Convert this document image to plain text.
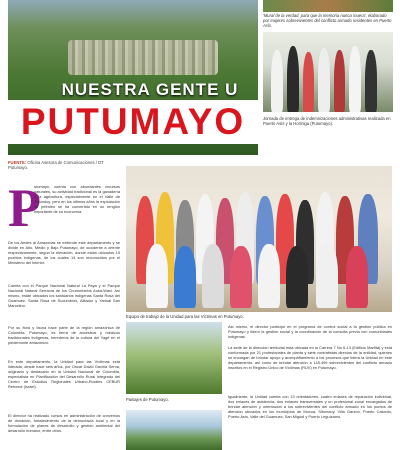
'Mural de la verdad, para que la memoria nunca muera', elaborado por mujeres sobrevivientes del conflicto armado residentes en Puerto Asís.
Jornada de entrega de indemnizaciones administrativas realizada en Puerto Asís y la Hormiga (Putumayo).
NUESTRA GENTE U
PUTUMAYO
FUENTE: Oficina Asesora de Comunicaciones / DT Putumayo.
P
utumayo, cuenta con abundantes recursos naturales, su actividad tradicional es la ganadería y la agricultura, especialmente en el Valle de Sibundoy, pero en los últimos años la explotación de petróleo se ha convertido en un renglón importante de su economía.
De los Andes al Amazonas se extiende este departamento y se divide en Alto, Medio y Bajo Putumayo, de occidente a oriente respectivamente, según la elevación, donde están ubicados 15 pueblos indígenas, de los cuales 14 son reconocidos por el Ministerio del Interior.
Cuenta con el Parque Nacional Natural La Paya y el Parque Nacional Natural Serranía de los Churumbelos Auka-Wasi. Así mismo, están ubicados los santuarios indígenas Santa Rosa del Guamuez, Santa Rosa de Sucumbíos, Alltador y Yarinal San Marcelino.
Por su flora y fauna hace parte de la región amazónica de Colombia. Putumayo, es tierra de ancestros y médicos tradicionales indígenas, herederos de la cultura del Yagé en el piedemonte amazónico.
En este departamento, la Unidad para las Víctimas está liderada, desde hace seis años, por Oscar David Gaviria Serna, originario y destacado en la Unidad Nacional de Colombia, especialista en Planificación del Desarrollo Rural Integrado del Centro de Estudios Regionales Urbano-Rurales CEBUR Rehovot (Israel).
El director ha realizado cursos en administración de convenios de donación, fortalecimiento de la democracia local y en la formulación de planes de desarrollo y gestión ambiental del desarrollo humano, entre otros.
Equipo de trabajo de la Unidad para las Víctimas en Putumayo.
Paisajes de Putumayo.
Así mismo, el director participó en el programa de control social a la gestión pública en Putumayo y lideró la gestión social y la coordinación de la consulta previa con comunidades indígenas.
La sede de la dirección territorial está ubicada en la Carrera 7 No 6-13 (Edificio Marfita) y está conformada por 21 profesionales de planta y siete contratistas directos de la entidad, quienes se encargan de brindar apoyo y acompañamiento a los procesos que lidera la Unidad en este departamento, así como de brindar atención a 145.499 sobrevivientes del conflicto armado inscritos en el Registro Único de Víctimas (RUV) en Putumayo.
Igualmente, la Unidad cuenta con 13 orientadores, cuatro enlaces de reparación individual, dos enlaces de asistencia, dos enlaces transversales y un profesional zonal encargados de brindar atención y orientación a los sobrevivientes del conflicto armado en los puntos de atención ubicados en los municipios de Mocoa, Sibundoy, Villa Garzón, Puerto Caicedo, Puerto Asís, Valle del Guamuez, San Miguel y Puerto Leguízamo.
